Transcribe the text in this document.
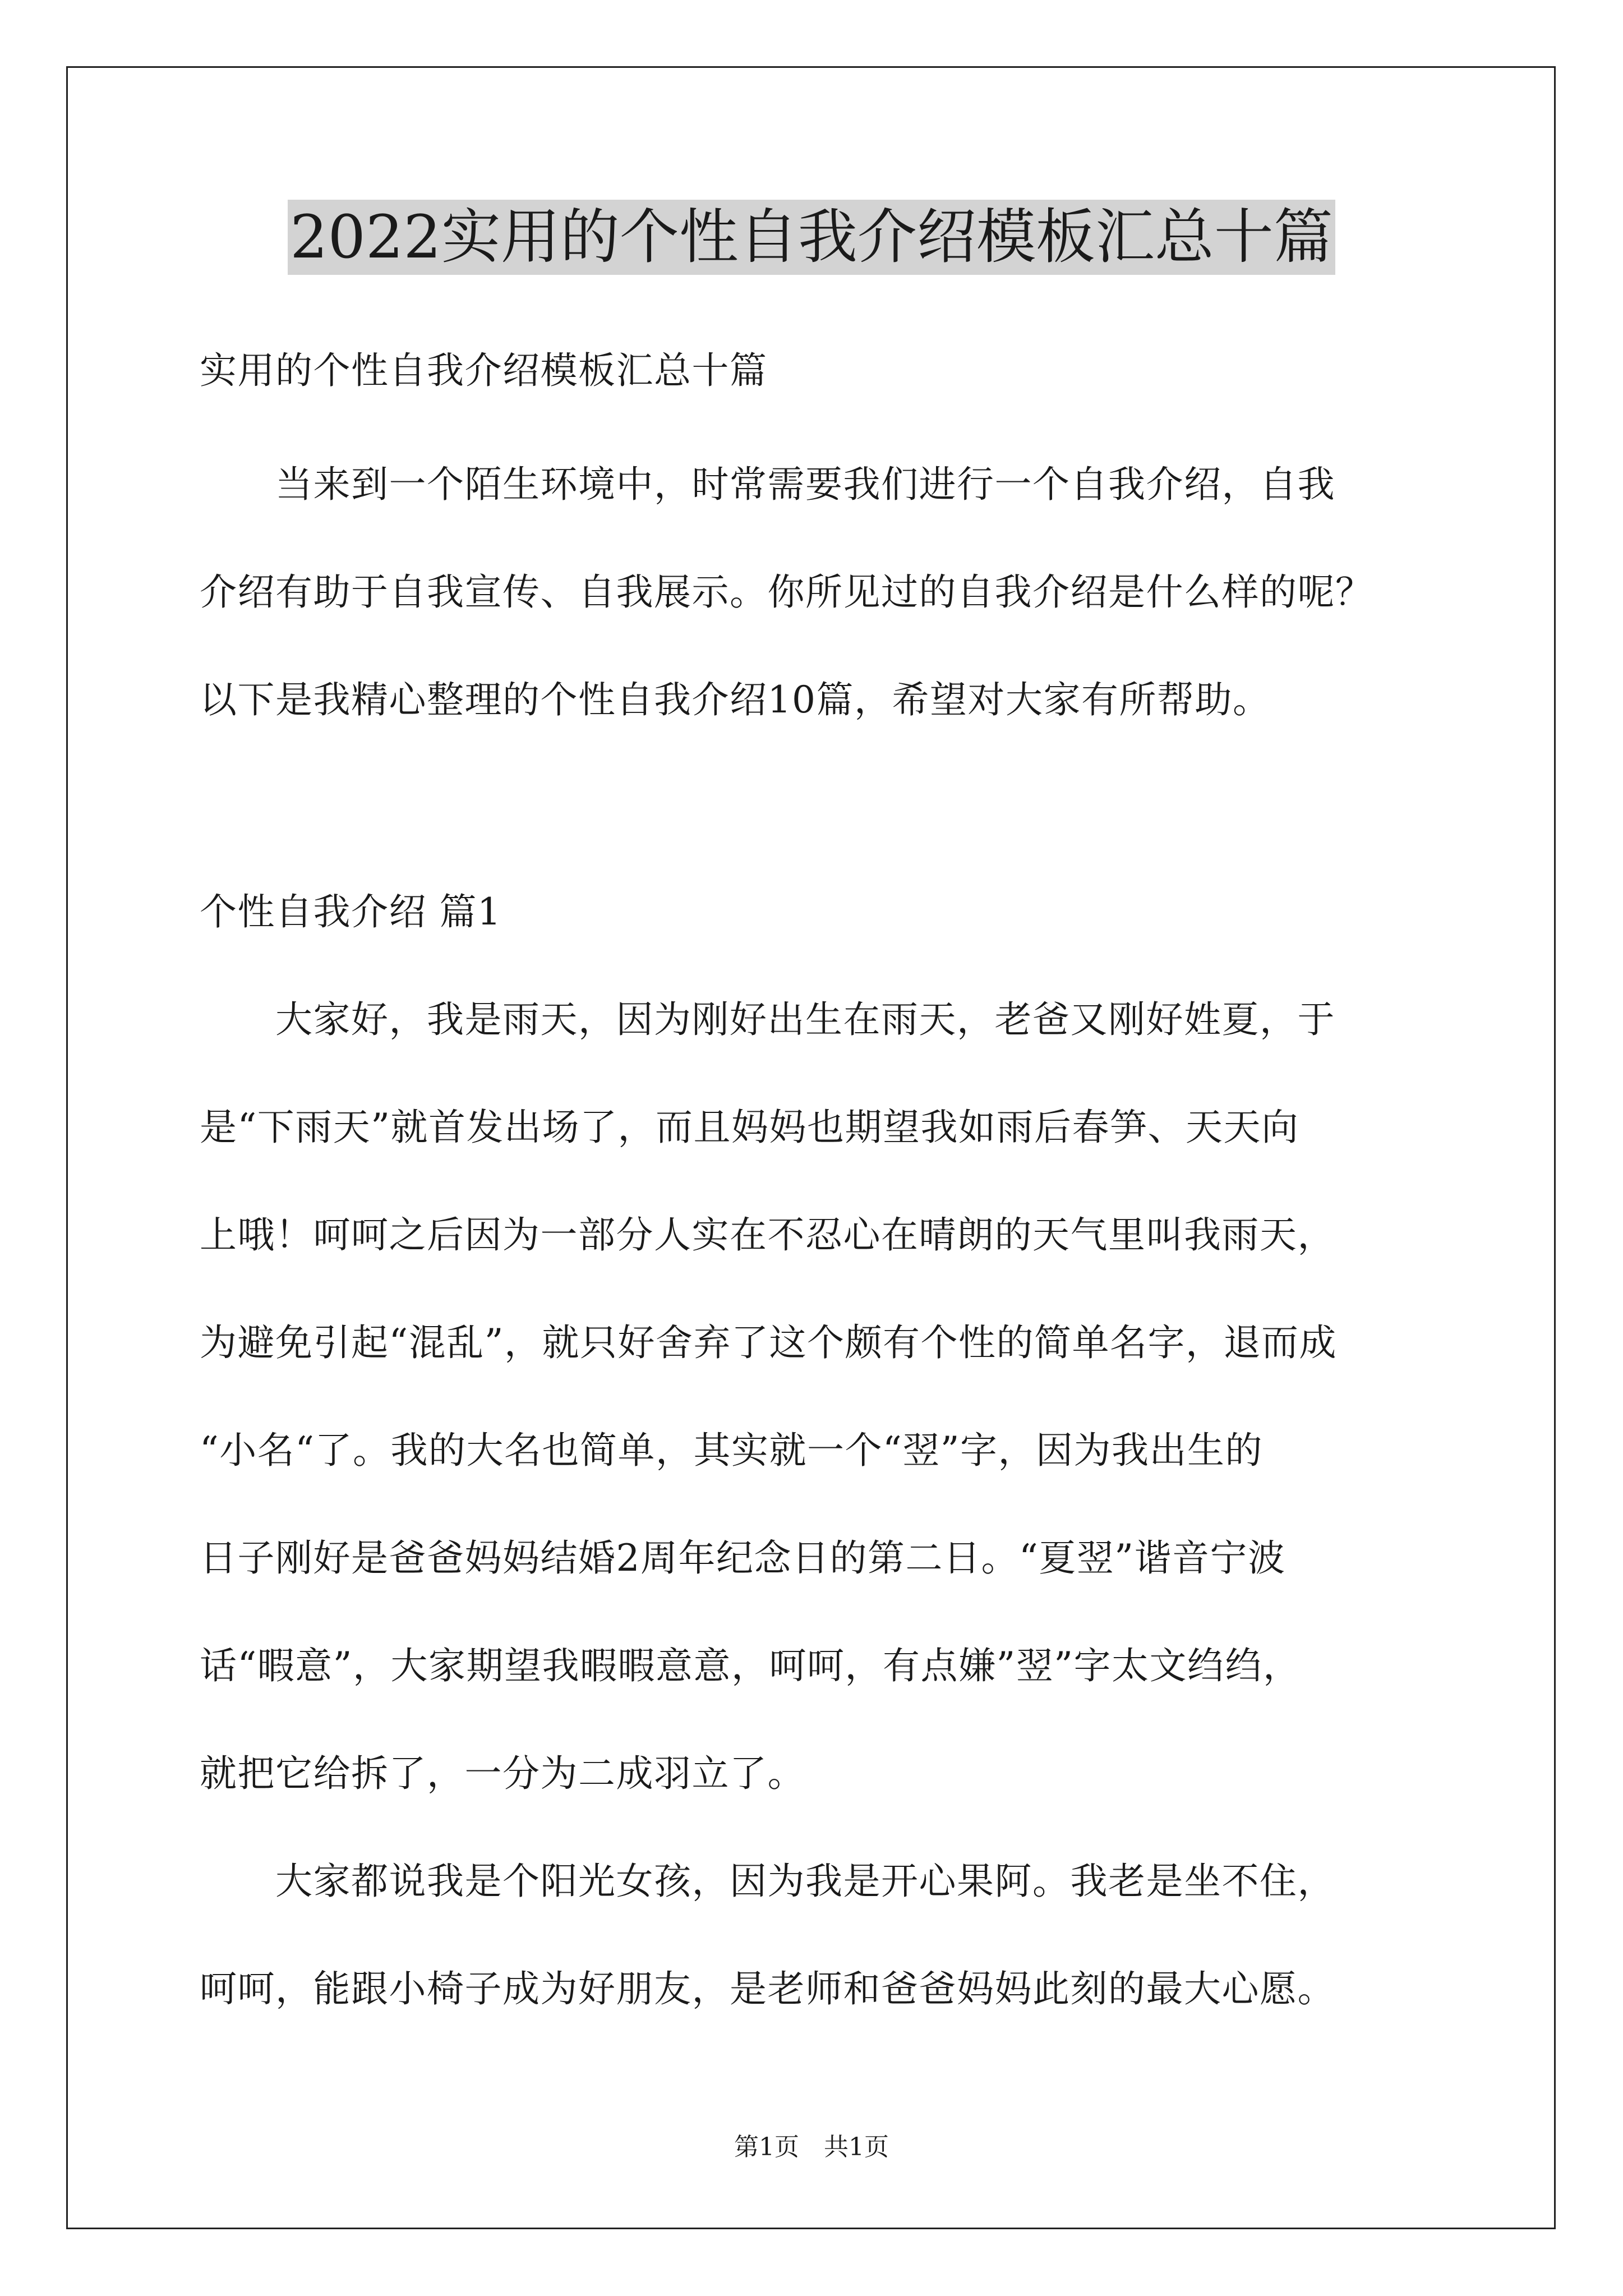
2022实用的个性自我介绍模板汇总十篇
实用的个性自我介绍模板汇总十篇
　　当来到一个陌生环境中，时常需要我们进行一个自我介绍，自我
介绍有助于自我宣传、自我展示。你所见过的自我介绍是什么样的呢？
以下是我精心整理的个性自我介绍10篇，希望对大家有所帮助。
个性自我介绍 篇1
　　大家好，我是雨天，因为刚好出生在雨天，老爸又刚好姓夏，于
是“下雨天”就首发出场了，而且妈妈也期望我如雨后春笋、天天向
上哦！呵呵之后因为一部分人实在不忍心在晴朗的天气里叫我雨天，
为避免引起“混乱”，就只好舍弃了这个颇有个性的简单名字，退而成
“小名“了。我的大名也简单，其实就一个“翌”字，因为我出生的
日子刚好是爸爸妈妈结婚2周年纪念日的第二日。“夏翌”谐音宁波
话“暇意”，大家期望我暇暇意意，呵呵，有点嫌”翌”字太文绉绉，
就把它给拆了，一分为二成羽立了。
　　大家都说我是个阳光女孩，因为我是开心果阿。我老是坐不住，
呵呵，能跟小椅子成为好朋友，是老师和爸爸妈妈此刻的最大心愿。
第1页　共1页
